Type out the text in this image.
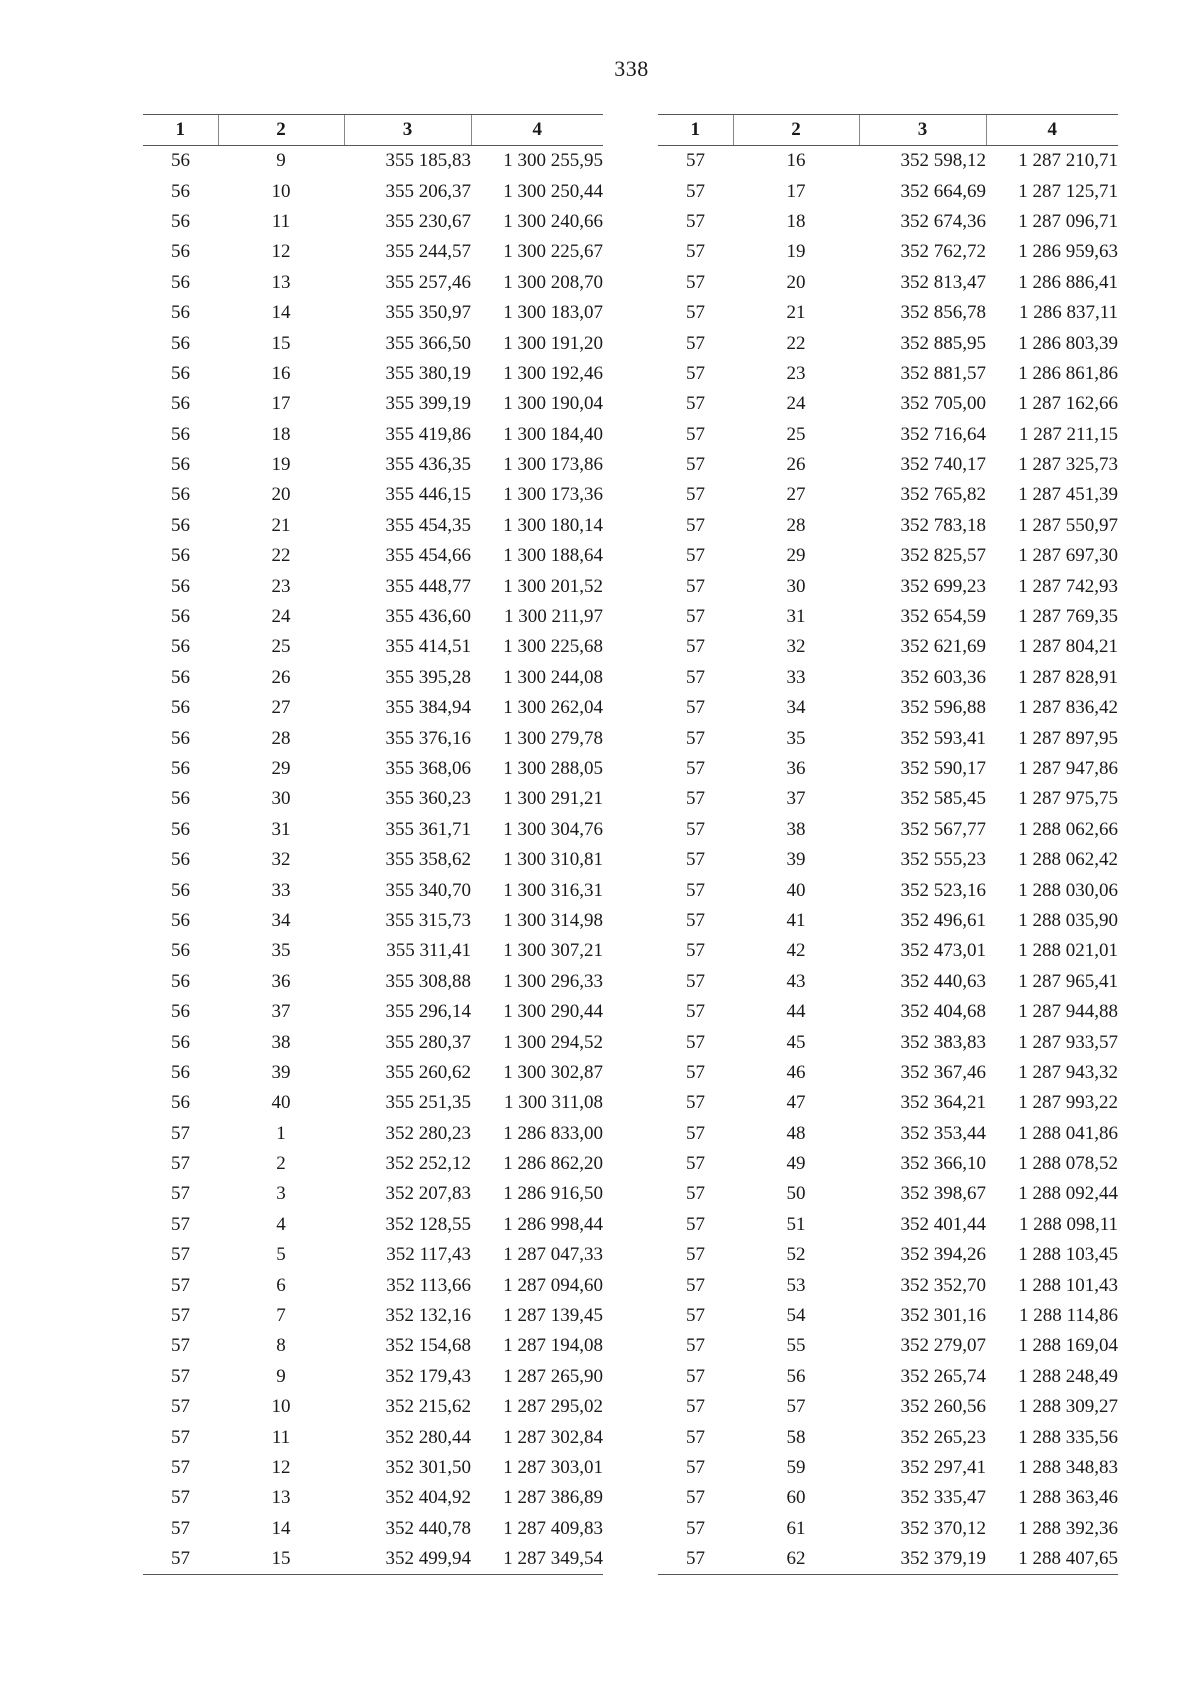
338
1	2	3	4
56	9	355 185,83	1 300 255,95
56	10	355 206,37	1 300 250,44
56	11	355 230,67	1 300 240,66
56	12	355 244,57	1 300 225,67
56	13	355 257,46	1 300 208,70
56	14	355 350,97	1 300 183,07
56	15	355 366,50	1 300 191,20
56	16	355 380,19	1 300 192,46
56	17	355 399,19	1 300 190,04
56	18	355 419,86	1 300 184,40
56	19	355 436,35	1 300 173,86
56	20	355 446,15	1 300 173,36
56	21	355 454,35	1 300 180,14
56	22	355 454,66	1 300 188,64
56	23	355 448,77	1 300 201,52
56	24	355 436,60	1 300 211,97
56	25	355 414,51	1 300 225,68
56	26	355 395,28	1 300 244,08
56	27	355 384,94	1 300 262,04
56	28	355 376,16	1 300 279,78
56	29	355 368,06	1 300 288,05
56	30	355 360,23	1 300 291,21
56	31	355 361,71	1 300 304,76
56	32	355 358,62	1 300 310,81
56	33	355 340,70	1 300 316,31
56	34	355 315,73	1 300 314,98
56	35	355 311,41	1 300 307,21
56	36	355 308,88	1 300 296,33
56	37	355 296,14	1 300 290,44
56	38	355 280,37	1 300 294,52
56	39	355 260,62	1 300 302,87
56	40	355 251,35	1 300 311,08
57	1	352 280,23	1 286 833,00
57	2	352 252,12	1 286 862,20
57	3	352 207,83	1 286 916,50
57	4	352 128,55	1 286 998,44
57	5	352 117,43	1 287 047,33
57	6	352 113,66	1 287 094,60
57	7	352 132,16	1 287 139,45
57	8	352 154,68	1 287 194,08
57	9	352 179,43	1 287 265,90
57	10	352 215,62	1 287 295,02
57	11	352 280,44	1 287 302,84
57	12	352 301,50	1 287 303,01
57	13	352 404,92	1 287 386,89
57	14	352 440,78	1 287 409,83
57	15	352 499,94	1 287 349,54
1	2	3	4
57	16	352 598,12	1 287 210,71
57	17	352 664,69	1 287 125,71
57	18	352 674,36	1 287 096,71
57	19	352 762,72	1 286 959,63
57	20	352 813,47	1 286 886,41
57	21	352 856,78	1 286 837,11
57	22	352 885,95	1 286 803,39
57	23	352 881,57	1 286 861,86
57	24	352 705,00	1 287 162,66
57	25	352 716,64	1 287 211,15
57	26	352 740,17	1 287 325,73
57	27	352 765,82	1 287 451,39
57	28	352 783,18	1 287 550,97
57	29	352 825,57	1 287 697,30
57	30	352 699,23	1 287 742,93
57	31	352 654,59	1 287 769,35
57	32	352 621,69	1 287 804,21
57	33	352 603,36	1 287 828,91
57	34	352 596,88	1 287 836,42
57	35	352 593,41	1 287 897,95
57	36	352 590,17	1 287 947,86
57	37	352 585,45	1 287 975,75
57	38	352 567,77	1 288 062,66
57	39	352 555,23	1 288 062,42
57	40	352 523,16	1 288 030,06
57	41	352 496,61	1 288 035,90
57	42	352 473,01	1 288 021,01
57	43	352 440,63	1 287 965,41
57	44	352 404,68	1 287 944,88
57	45	352 383,83	1 287 933,57
57	46	352 367,46	1 287 943,32
57	47	352 364,21	1 287 993,22
57	48	352 353,44	1 288 041,86
57	49	352 366,10	1 288 078,52
57	50	352 398,67	1 288 092,44
57	51	352 401,44	1 288 098,11
57	52	352 394,26	1 288 103,45
57	53	352 352,70	1 288 101,43
57	54	352 301,16	1 288 114,86
57	55	352 279,07	1 288 169,04
57	56	352 265,74	1 288 248,49
57	57	352 260,56	1 288 309,27
57	58	352 265,23	1 288 335,56
57	59	352 297,41	1 288 348,83
57	60	352 335,47	1 288 363,46
57	61	352 370,12	1 288 392,36
57	62	352 379,19	1 288 407,65
